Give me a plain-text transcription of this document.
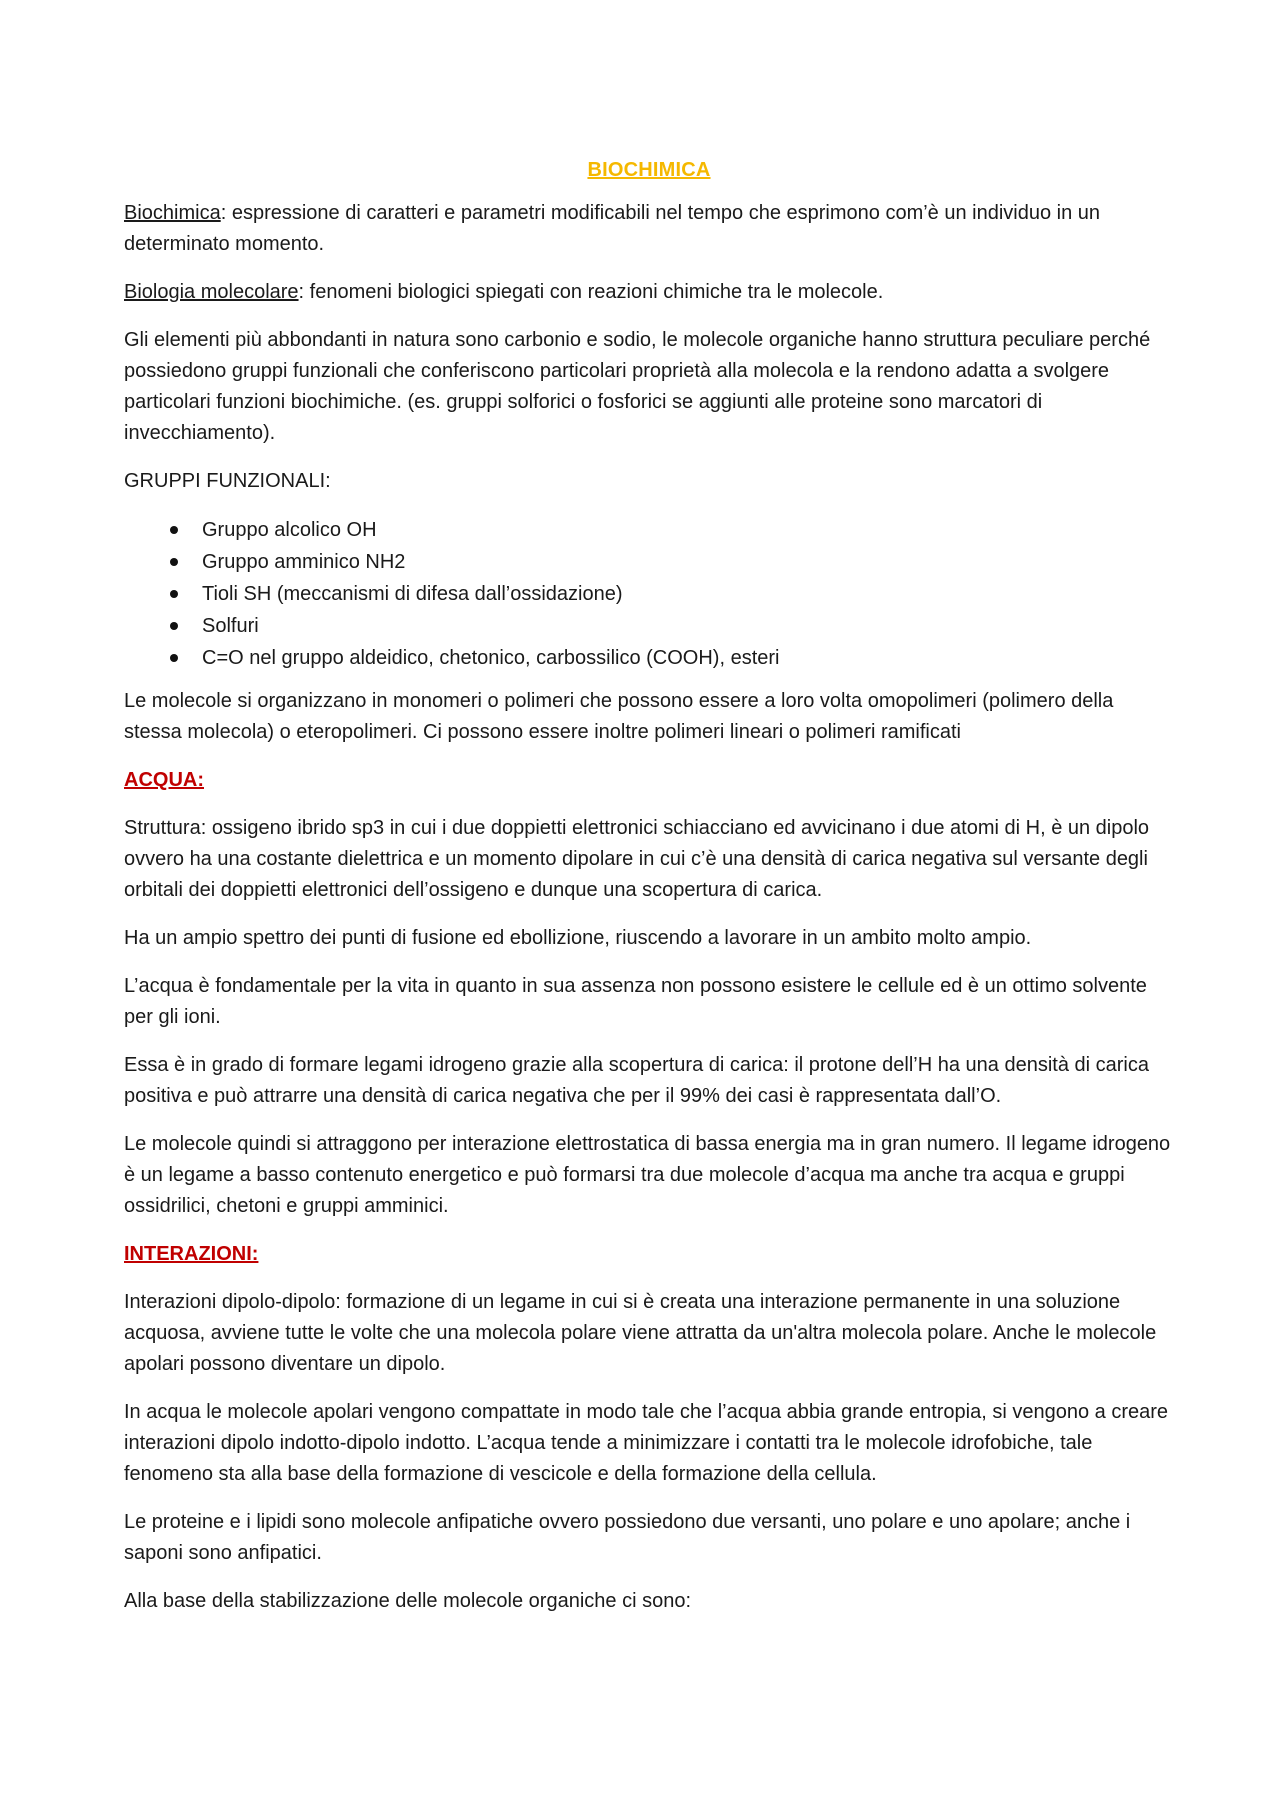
BIOCHIMICA

Biochimica: espressione di caratteri e parametri modificabili nel tempo che esprimono com’è un individuo in un determinato momento.

Biologia molecolare: fenomeni biologici spiegati con reazioni chimiche tra le molecole.

Gli elementi più abbondanti in natura sono carbonio e sodio, le molecole organiche hanno struttura peculiare perché possiedono gruppi funzionali che conferiscono particolari proprietà alla molecola e la rendono adatta a svolgere particolari funzioni biochimiche. (es. gruppi solforici o fosforici se aggiunti alle proteine sono marcatori di invecchiamento).

GRUPPI FUNZIONALI:

Gruppo alcolico OH
Gruppo amminico NH2
Tioli SH (meccanismi di difesa dall’ossidazione)
Solfuri
C=O nel gruppo aldeidico, chetonico, carbossilico (COOH), esteri

Le molecole si organizzano in monomeri o polimeri che possono essere a loro volta omopolimeri (polimero della stessa molecola) o eteropolimeri. Ci possono essere inoltre polimeri lineari o polimeri ramificati

ACQUA:

Struttura: ossigeno ibrido sp3 in cui i due doppietti elettronici schiacciano ed avvicinano i due atomi di H, è un dipolo ovvero ha una costante dielettrica e un momento dipolare in cui c’è una densità di carica negativa sul versante degli orbitali dei doppietti elettronici dell’ossigeno e dunque una scopertura di carica.

Ha un ampio spettro dei punti di fusione ed ebollizione, riuscendo a lavorare in un ambito molto ampio.

L’acqua è fondamentale per la vita in quanto in sua assenza non possono esistere le cellule ed è un ottimo solvente per gli ioni.

Essa è in grado di formare legami idrogeno grazie alla scopertura di carica: il protone dell’H ha una densità di carica positiva e può attrarre una densità di carica negativa che per il 99% dei casi è rappresentata dall’O.

Le molecole quindi si attraggono per interazione elettrostatica di bassa energia ma in gran numero. Il legame idrogeno è un legame a basso contenuto energetico e può formarsi tra due molecole d’acqua ma anche tra acqua e gruppi ossidrilici, chetoni e gruppi amminici.

INTERAZIONI:

Interazioni dipolo-dipolo: formazione di un legame in cui si è creata una interazione permanente in una soluzione acquosa, avviene tutte le volte che una molecola polare viene attratta da un'altra molecola polare. Anche le molecole apolari possono diventare un dipolo.

In acqua le molecole apolari vengono compattate in modo tale che l’acqua abbia grande entropia, si vengono a creare interazioni dipolo indotto-dipolo indotto. L’acqua tende a minimizzare i contatti tra le molecole idrofobiche, tale fenomeno sta alla base della formazione di vescicole e della formazione della cellula.

Le proteine e i lipidi sono molecole anfipatiche ovvero possiedono due versanti, uno polare e uno apolare; anche i saponi sono anfipatici.

Alla base della stabilizzazione delle molecole organiche ci sono:
